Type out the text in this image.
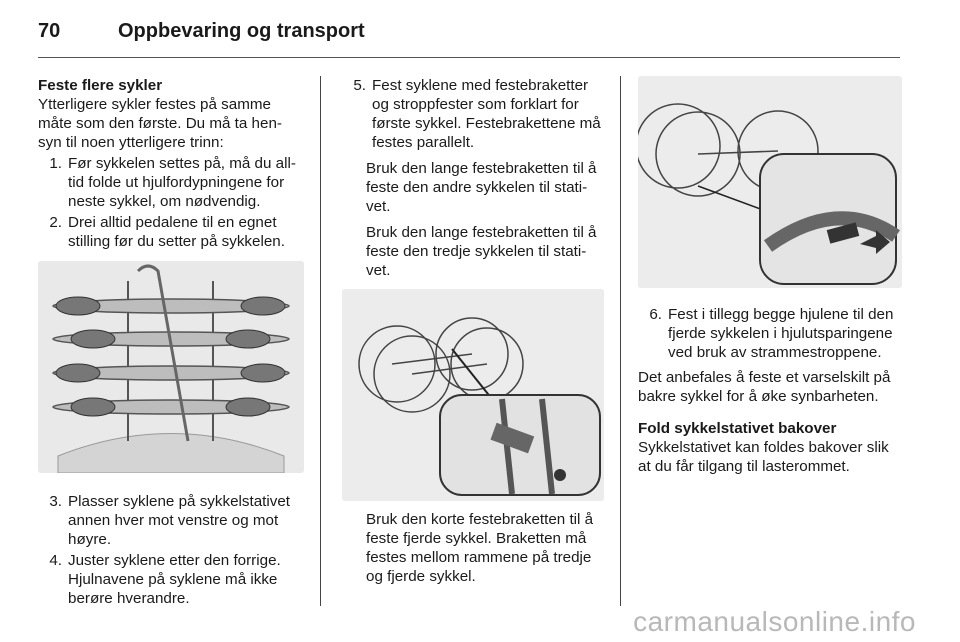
70	Oppbevaring og transport
Feste flere sykler

Ytterligere sykler festes på samme måte som den første. Du må ta hen-syn til noen ytterligere trinn:

1. Før sykkelen settes på, må du all-tid folde ut hjulfordypningene for neste sykkel, om nødvendig.
2. Drei alltid pedalene til en egnet stilling før du setter på sykkelen.
3. Plasser syklene på sykkelstativet annen hver mot venstre og mot høyre.
4. Juster syklene etter den forrige. Hjulnavene på syklene må ikke berøre hverandre.
5. Fest syklene med festebraketter og stroppfester som forklart for første sykkel. Festebrakettene må festes parallelt.

Bruk den lange festebraketten til å feste den andre sykkelen til stati-vet.

Bruk den lange festebraketten til å feste den tredje sykkelen til stati-vet.

Bruk den korte festebraketten til å feste fjerde sykkel. Braketten må festes mellom rammene på tredje og fjerde sykkel.

6. Fest i tillegg begge hjulene til den fjerde sykkelen i hjulutsparingene ved bruk av strammestroppene.

Det anbefales å feste et varselskilt på bakre sykkel for å øke synbarheten.

Fold sykkelstativet bakover

Sykkelstativet kan foldes bakover slik at du får tilgang til lasterommet.

carmanualsonline.info
